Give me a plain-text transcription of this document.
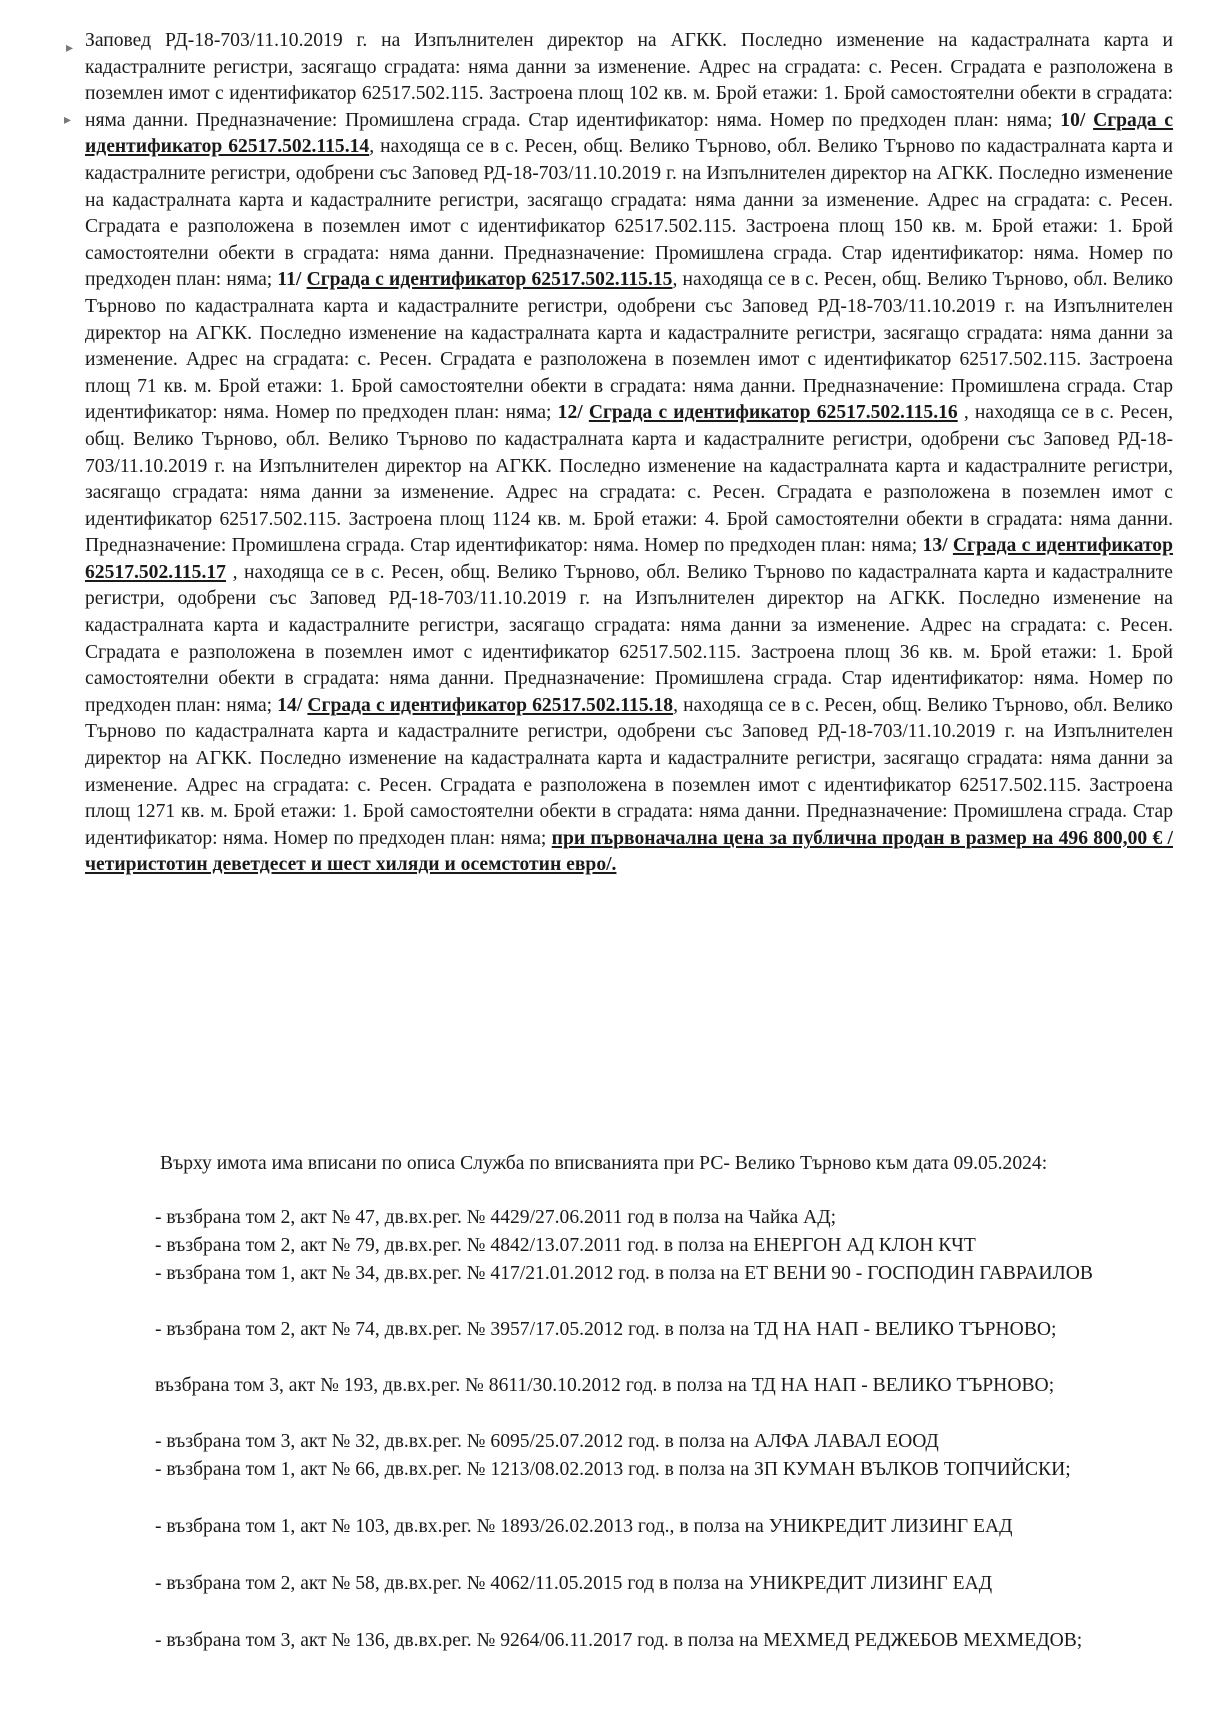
▸
▸

Заповед РД-18-703/11.10.2019 г. на Изпълнителен директор на АГКК. Последно изменение на кадастралната карта и кадастралните регистри, засягащо сградата: няма данни за изменение. Адрес на сградата: с. Ресен. Сградата е разположена в поземлен имот с идентификатор 62517.502.115. Застроена площ 102 кв. м. Брой етажи: 1. Брой самостоятелни обекти в сградата: няма данни. Предназначение: Промишлена сграда. Стар идентификатор: няма. Номер по предходен план: няма; 10/ Сграда с идентификатор 62517.502.115.14, находяща се в с. Ресен, общ. Велико Търново, обл. Велико Търново по кадастралната карта и кадастралните регистри, одобрени със Заповед РД-18-703/11.10.2019 г. на Изпълнителен директор на АГКК. Последно изменение на кадастралната карта и кадастралните регистри, засягащо сградата: няма данни за изменение. Адрес на сградата: с. Ресен. Сградата е разположена в поземлен имот с идентификатор 62517.502.115. Застроена площ 150 кв. м. Брой етажи: 1. Брой самостоятелни обекти в сградата: няма данни. Предназначение: Промишлена сграда. Стар идентификатор: няма. Номер по предходен план: няма; 11/ Сграда с идентификатор 62517.502.115.15, находяща се в с. Ресен, общ. Велико Търново, обл. Велико Търново по кадастралната карта и кадастралните регистри, одобрени със Заповед РД-18-703/11.10.2019 г. на Изпълнителен директор на АГКК. Последно изменение на кадастралната карта и кадастралните регистри, засягащо сградата: няма данни за изменение. Адрес на сградата: с. Ресен. Сградата е разположена в поземлен имот с идентификатор 62517.502.115. Застроена площ 71 кв. м. Брой етажи: 1. Брой самостоятелни обекти в сградата: няма данни. Предназначение: Промишлена сграда. Стар идентификатор: няма. Номер по предходен план: няма; 12/ Сграда с идентификатор 62517.502.115.16 , находяща се в с. Ресен, общ. Велико Търново, обл. Велико Търново по кадастралната карта и кадастралните регистри, одобрени със Заповед РД-18-703/11.10.2019 г. на Изпълнителен директор на АГКК. Последно изменение на кадастралната карта и кадастралните регистри, засягащо сградата: няма данни за изменение. Адрес на сградата: с. Ресен. Сградата е разположена в поземлен имот с идентификатор 62517.502.115. Застроена площ 1124 кв. м. Брой етажи: 4. Брой самостоятелни обекти в сградата: няма данни. Предназначение: Промишлена сграда. Стар идентификатор: няма. Номер по предходен план: няма; 13/ Сграда с идентификатор 62517.502.115.17 , находяща се в с. Ресен, общ. Велико Търново, обл. Велико Търново по кадастралната карта и кадастралните регистри, одобрени със Заповед РД-18-703/11.10.2019 г. на Изпълнителен директор на АГКК. Последно изменение на кадастралната карта и кадастралните регистри, засягащо сградата: няма данни за изменение. Адрес на сградата: с. Ресен. Сградата е разположена в поземлен имот с идентификатор 62517.502.115. Застроена площ 36 кв. м. Брой етажи: 1. Брой самостоятелни обекти в сградата: няма данни. Предназначение: Промишлена сграда. Стар идентификатор: няма. Номер по предходен план: няма; 14/ Сграда с идентификатор 62517.502.115.18, находяща се в с. Ресен, общ. Велико Търново, обл. Велико Търново по кадастралната карта и кадастралните регистри, одобрени със Заповед РД-18-703/11.10.2019 г. на Изпълнителен директор на АГКК. Последно изменение на кадастралната карта и кадастралните регистри, засягащо сградата: няма данни за изменение. Адрес на сградата: с. Ресен. Сградата е разположена в поземлен имот с идентификатор 62517.502.115. Застроена площ 1271 кв. м. Брой етажи: 1. Брой самостоятелни обекти в сградата: няма данни. Предназначение: Промишлена сграда. Стар идентификатор: няма. Номер по предходен план: няма; при първоначална цена за публична продан в размер на 496 800,00 € /четиристотин деветдесет и шест хиляди и осемстотин евро/.

Върху имота има вписани по описа Служба по вписванията при РС- Велико Търново към дата 09.05.2024:

- възбрана том 2, акт № 47, дв.вх.рег. № 4429/27.06.2011 год в полза на Чайка АД;

- възбрана том 2, акт № 79, дв.вх.рег. № 4842/13.07.2011 год. в полза на ЕНЕРГОН АД КЛОН КЧТ

- възбрана том 1, акт № 34, дв.вх.рег. № 417/21.01.2012 год. в полза на ЕТ ВЕНИ 90 - ГОСПОДИН ГАВРАИЛОВ

- възбрана том 2, акт № 74, дв.вх.рег. № 3957/17.05.2012 год. в полза на ТД НА НАП - ВЕЛИКО ТЪРНОВО;

възбрана том 3, акт № 193, дв.вх.рег. № 8611/30.10.2012 год. в полза на ТД НА НАП - ВЕЛИКО ТЪРНОВО;

- възбрана том 3, акт № 32, дв.вх.рег. № 6095/25.07.2012 год. в полза на АЛФА ЛАВАЛ ЕООД

- възбрана том 1, акт № 66, дв.вх.рег. № 1213/08.02.2013 год. в полза на ЗП КУМАН ВЪЛКОВ ТОПЧИЙСКИ;

- възбрана том 1, акт № 103, дв.вх.рег. № 1893/26.02.2013 год., в полза на УНИКРЕДИТ ЛИЗИНГ ЕАД

- възбрана том 2, акт № 58, дв.вх.рег. № 4062/11.05.2015 год в полза на УНИКРЕДИТ ЛИЗИНГ ЕАД

- възбрана том 3, акт № 136, дв.вх.рег. № 9264/06.11.2017 год. в полза на МЕХМЕД РЕДЖЕБОВ МЕХМЕДОВ;
